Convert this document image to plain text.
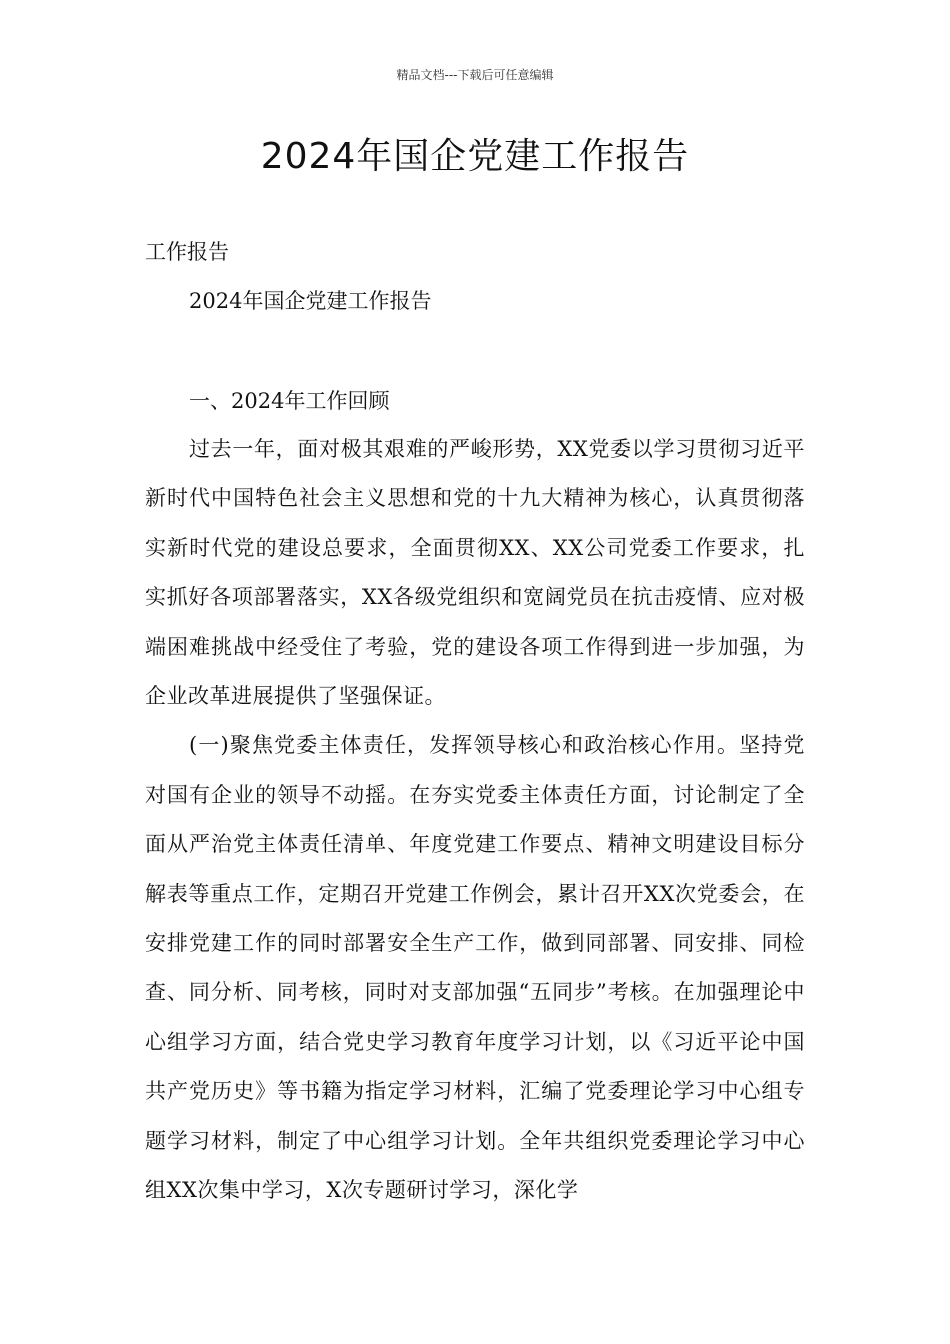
精品文档---下载后可任意编辑
2024年国企党建工作报告
工作报告
2024年国企党建工作报告
一、2024年工作回顾

过去一年，面对极其艰难的严峻形势，XX党委以学习贯彻习近平新时代中国特色社会主义思想和党的十九大精神为核心，认真贯彻落实新时代党的建设总要求，全面贯彻XX、XX公司党委工作要求，扎实抓好各项部署落实，XX各级党组织和宽阔党员在抗击疫情、应对极端困难挑战中经受住了考验，党的建设各项工作得到进一步加强，为企业改革进展提供了坚强保证。

(一)聚焦党委主体责任，发挥领导核心和政治核心作用。坚持党对国有企业的领导不动摇。在夯实党委主体责任方面，讨论制定了全面从严治党主体责任清单、年度党建工作要点、精神文明建设目标分解表等重点工作，定期召开党建工作例会，累计召开XX次党委会，在安排党建工作的同时部署安全生产工作，做到同部署、同安排、同检查、同分析、同考核，同时对支部加强“五同步”考核。在加强理论中心组学习方面，结合党史学习教育年度学习计划，以《习近平论中国共产党历史》等书籍为指定学习材料，汇编了党委理论学习中心组专题学习材料，制定了中心组学习计划。全年共组织党委理论学习中心组XX次集中学习，X次专题研讨学习，深化学
